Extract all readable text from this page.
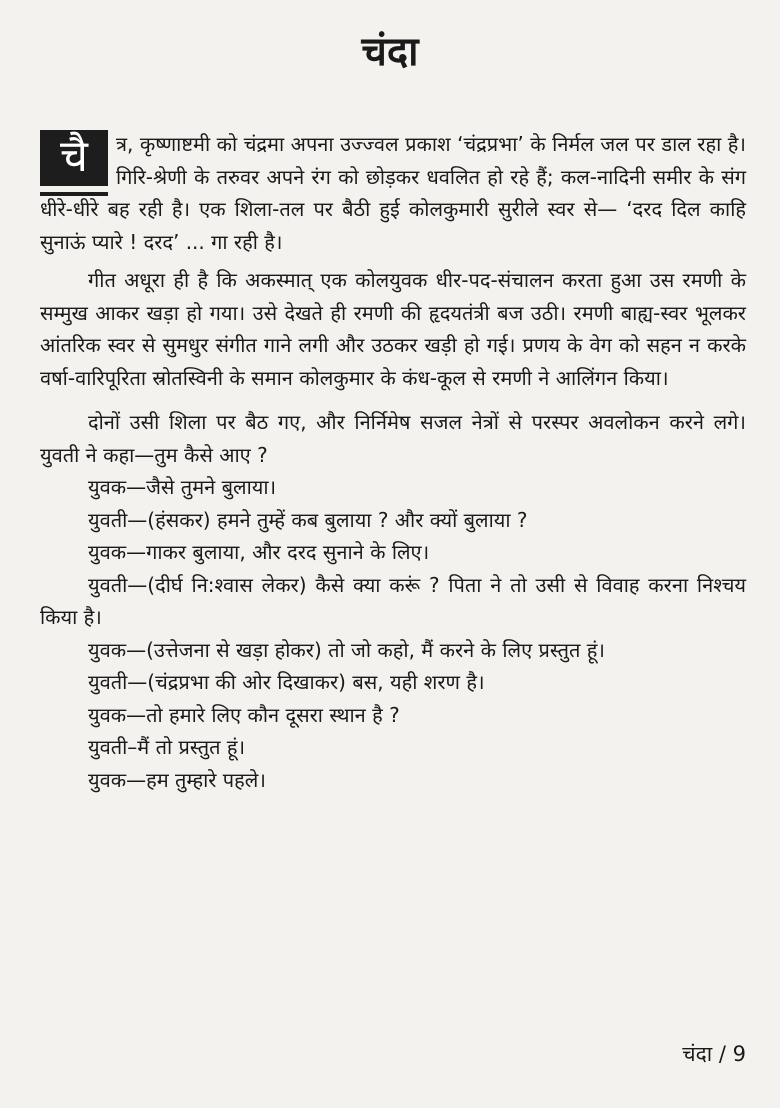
चंदा

चै	त्र, कृष्णाष्टमी को चंद्रमा अपना उज्ज्वल प्रकाश ‘चंद्रप्रभा’ के निर्मल जल पर डाल रहा है। गिरि-श्रेणी के तरुवर अपने रंग को छोड़कर धवलित हो रहे हैं; कल-नादिनी समीर के संग धीरे-धीरे बह रही है। एक शिला-तल पर बैठी हुई कोलकुमारी सुरीले स्वर से— ‘दरद दिल काहि सुनाऊं प्यारे ! दरद’ ... गा रही है।

गीत अधूरा ही है कि अकस्मात् एक कोलयुवक धीर-पद-संचालन करता हुआ उस रमणी के सम्मुख आकर खड़ा हो गया। उसे देखते ही रमणी की हृदयतंत्री बज उठी। रमणी बाह्य-स्वर भूलकर आंतरिक स्वर से सुमधुर संगीत गाने लगी और उठकर खड़ी हो गई। प्रणय के वेग को सहन न करके वर्षा-वारिपूरिता स्रोतस्विनी के समान कोलकुमार के कंध-कूल से रमणी ने आलिंगन किया।

दोनों उसी शिला पर बैठ गए, और निर्निमेष सजल नेत्रों से परस्पर अवलोकन करने लगे। युवती ने कहा—तुम कैसे आए ?

युवक—जैसे तुमने बुलाया।

युवती—(हंसकर) हमने तुम्हें कब बुलाया ? और क्यों बुलाया ?

युवक—गाकर बुलाया, और दरद सुनाने के लिए।

युवती—(दीर्घ नि:श्वास लेकर) कैसे क्या करूं ? पिता ने तो उसी से विवाह करना निश्चय किया है।

युवक—(उत्तेजना से खड़ा होकर) तो जो कहो, मैं करने के लिए प्रस्तुत हूं।

युवती—(चंद्रप्रभा की ओर दिखाकर) बस, यही शरण है।

युवक—तो हमारे लिए कौन दूसरा स्थान है ?

युवती–मैं तो प्रस्तुत हूं।

युवक—हम तुम्हारे पहले।

चंदा / 9
